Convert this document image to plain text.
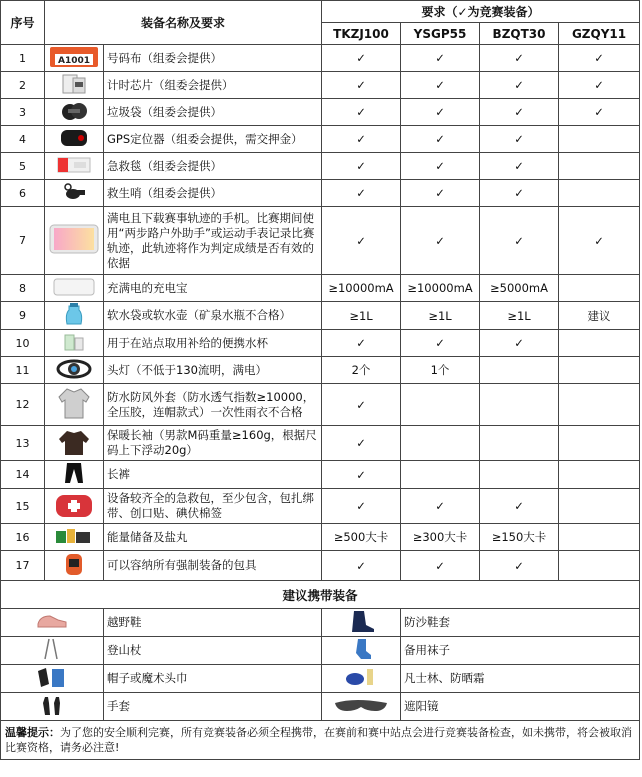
序号	装备名称及要求		要求（✓为竞赛装备）			
			TKZJ100	YSGP55	BZQT30	GZQY11
1	A1001	号码布（组委会提供）	✓	✓	✓	✓
2		计时芯片（组委会提供）	✓	✓	✓	✓
3		垃圾袋（组委会提供）	✓	✓	✓	✓
4		GPS定位器（组委会提供，需交押金）	✓	✓	✓	
5		急救毯（组委会提供）	✓	✓	✓	
6		救生哨（组委会提供）	✓	✓	✓	
7		满电且下载赛事轨迹的手机。比赛期间使用“两步路户外助手”或运动手表记录比赛轨迹，此轨迹将作为判定成绩是否有效的依据	✓	✓	✓	✓
8		充满电的充电宝	≥10000mA	≥10000mA	≥5000mA	
9		软水袋或软水壶（矿泉水瓶不合格）	≥1L	≥1L	≥1L	建议
10		用于在站点取用补给的便携水杯	✓	✓	✓	
11		头灯（不低于130流明，满电）	2个	1个		
12		防水防风外套（防水透气指数≥10000，全压胶，连帽款式）一次性雨衣不合格	✓			
13		保暖长袖（男款M码重量≥160g，根据尺码上下浮动20g）	✓			
14		长裤	✓			
15		设备较齐全的急救包，至少包含，包扎绑带、创口贴、碘伏棉签	✓	✓	✓	
16		能量储备及盐丸	≥500大卡	≥300大卡	≥150大卡	
17		可以容纳所有强制装备的包具	✓	✓	✓	
建议携带装备						
	越野鞋		防沙鞋套		
	登山杖		备用袜子		
	帽子或魔术头巾		凡士林、防晒霜		
	手套		遮阳镜		
温馨提示：为了您的安全顺利完赛，所有竞赛装备必须全程携带，在赛前和赛中站点会进行竞赛装备检查，如未携带，将会被取消比赛资格，请务必注意!						
